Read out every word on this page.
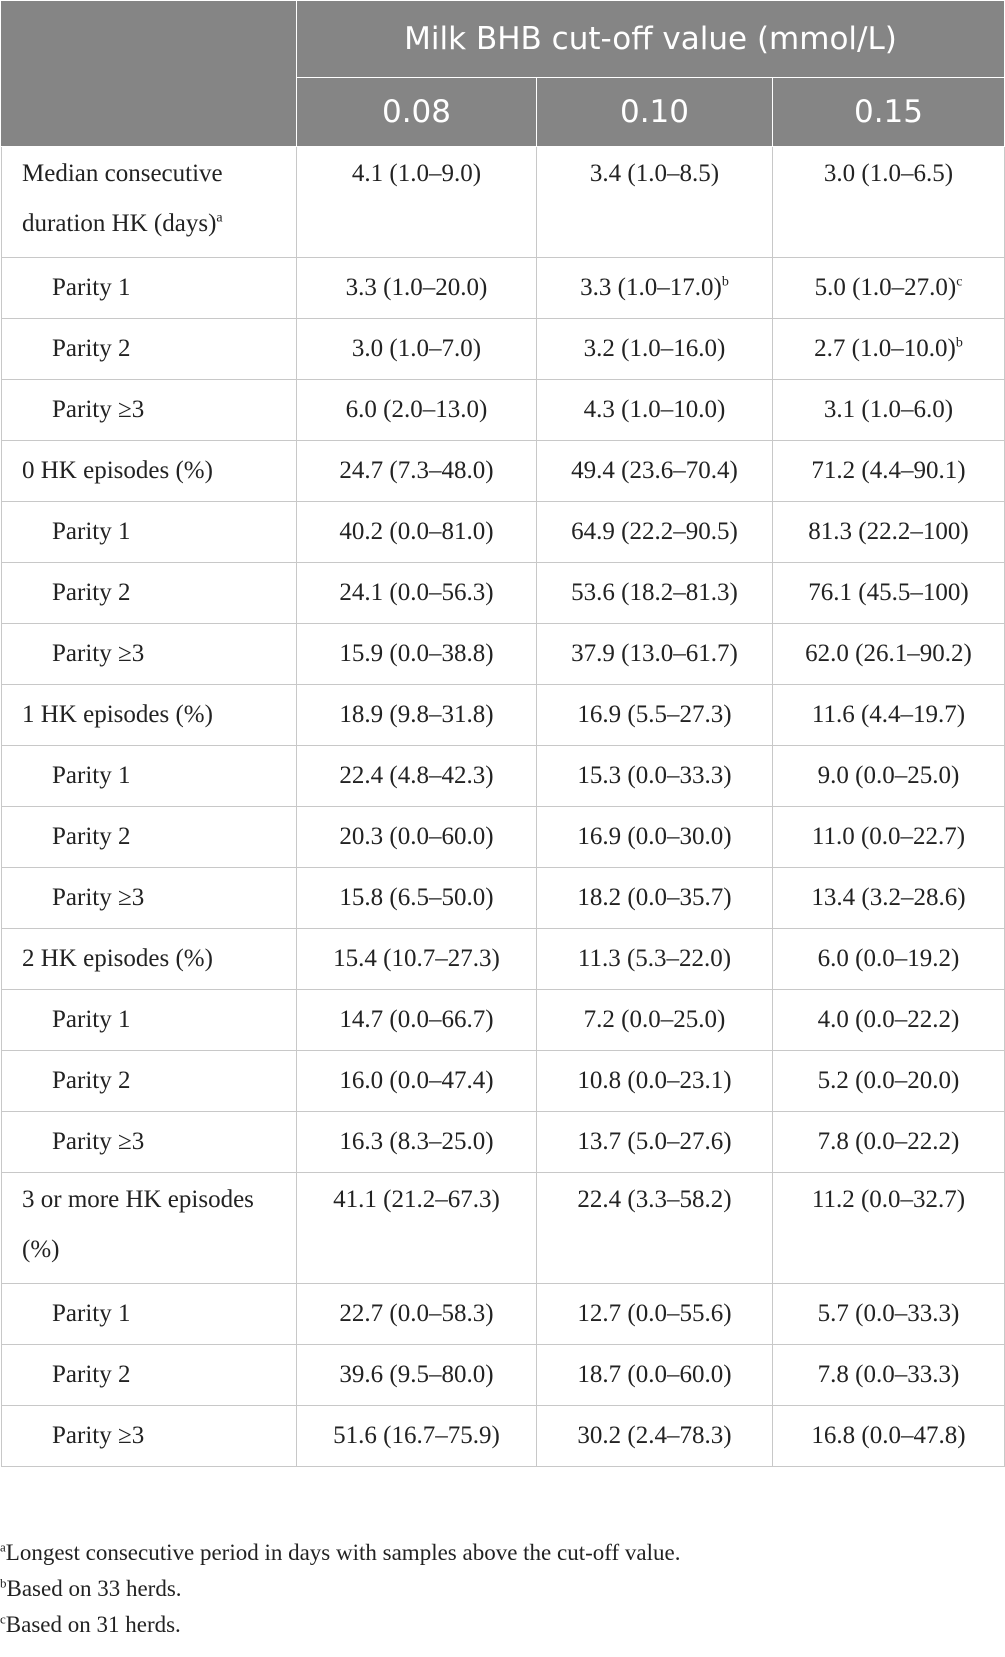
	Milk BHB cut-off value (mmol/L)		
	0.08	0.10	0.15
Median consecutive duration HK (days)$^a$	4.1 (1.0–9.0)	3.4 (1.0–8.5)	3.0 (1.0–6.5)
Parity 1	3.3 (1.0–20.0)	3.3 $(1.0-17.0)^b$	5.0 $(1.0-27.0)^c$
Parity 2	3.0 (1.0–7.0)	3.2 (1.0–16.0)	2.7 $(1.0-10.0)^b$
Parity ≥3	6.0 (2.0–13.0)	4.3 (1.0–10.0)	3.1 (1.0–6.0)
0 HK episodes (%)	24.7 (7.3–48.0)	49.4 (23.6–70.4)	71.2 (4.4–90.1)
Parity 1	40.2 (0.0–81.0)	64.9 (22.2–90.5)	81.3 (22.2–100)
Parity 2	24.1 (0.0–56.3)	53.6 (18.2–81.3)	76.1 (45.5–100)
Parity ≥3	15.9 (0.0–38.8)	37.9 (13.0–61.7)	62.0 (26.1–90.2)
1 HK episodes (%)	18.9 (9.8–31.8)	16.9 (5.5–27.3)	11.6 (4.4–19.7)
Parity 1	22.4 (4.8–42.3)	15.3 (0.0–33.3)	9.0 (0.0–25.0)
Parity 2	20.3 (0.0–60.0)	16.9 (0.0–30.0)	11.0 (0.0–22.7)
Parity ≥3	15.8 (6.5–50.0)	18.2 (0.0–35.7)	13.4 (3.2–28.6)
2 HK episodes (%)	15.4 (10.7–27.3)	11.3 (5.3–22.0)	6.0 (0.0–19.2)
Parity 1	14.7 (0.0–66.7)	7.2 (0.0–25.0)	4.0 (0.0–22.2)
Parity 2	16.0 (0.0–47.4)	10.8 (0.0–23.1)	5.2 (0.0–20.0)
Parity ≥3	16.3 (8.3–25.0)	13.7 (5.0–27.6)	7.8 (0.0–22.2)
3 or more HK episodes (%)	41.1 (21.2–67.3)	22.4 (3.3–58.2)	11.2 (0.0–32.7)
Parity 1	22.7 (0.0–58.3)	12.7 (0.0–55.6)	5.7 (0.0–33.3)
Parity 2	39.6 (9.5–80.0)	18.7 (0.0–60.0)	7.8 (0.0–33.3)
Parity ≥3	51.6 (16.7–75.9)	30.2 (2.4–78.3)	16.8 (0.0–47.8)
$^a$Longest consecutive period in days with samples above the cut-off value.
$^b$Based on 33 herds.
$^c$Based on 31 herds.
